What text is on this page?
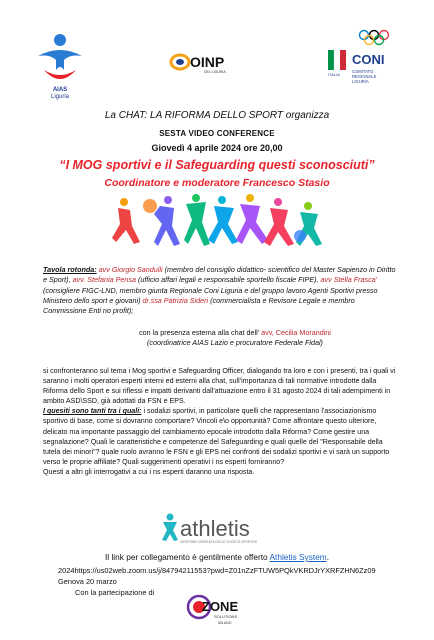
AIAS
Liguria
OINP
DEL LIGURIA	ITALIA
CONI
COMITATO
REGIONALE
LIGURIA
La CHAT: LA RIFORMA DELLO SPORT organizza
SESTA VIDEO CONFERENCE
Giovedì 4 aprile 2024 ore 20,00
“I MOG sportivi e il Safeguarding questi sconosciuti”
Coordinatore e moderatore Francesco Stasio
Tavola rotonda: avv Giorgio Sandulli (membro del consiglio didattico- scientifico del Master Sapienzo in Diritto e Sport), avv. Stefania Pensa (ufficio affari legali e responsabile sportello fiscale FIPE), avv Stella Frasca' (consigliere FIGC-LND, membro giunta Regionale Coni Liguria e del gruppo lavoro Agenti Sportivi presso Ministero dello sport e giovani) dr.ssa Patrizia Sideri (commercialista e Revisore Legale e membro Commissione Enti no profit);
con la presenza esterna alla chat dell' avv, Cecilia Morandini
(coordinatrice AIAS Lazio e procuratore Federale Fidal)

si confronteranno sul tema i Mog sportivi e Safeguarding Officer, dialogando tra loro e con i presenti, tra i quali vi saranno i molti operatori esperti interni ed esterni alla chat, sull'importanza di tali normative introdotte dalla Riforma dello Sport e sui riflessi e impatti derivanti dall'attuazione entro il 31 agosto 2024 di tali adempimenti in ambito ASD\SSD, già adottati da FSN e EPS.

I quesiti sono tanti tra i quali: i sodalizi sportivi, in particolare quelli che rappresentano l'associazionismo sportivo di base, come si dovranno comportare? Vincoli e\o opportunità? Come affrontare questo ulteriore, delicato ma importante passaggio del cambiamento epocale introdotto dalla Riforma? Come gestire una segnalazione? Quali le caratteristiche e competenze del Safeguarding e quali quelle del "Responsabile della tutela dei minori"? quale ruolo avranno le FSN e gli EPS nei confronti dei sodalizi sportivi e vi sarà un supporto verso le proprie affiliate? Quali suggerimenti operativi i ns esperti forniranno?

Questi a altri gli interrogativi a cui i ns esperti daranno una risposta.

athletis
GESTIONE COMPLETA DELLE SOCIETÀ SPORTIVE
Il link per collegamento è gentilmente offerto Athletis System.
2024https://us02web.zoom.us/j/84794211553?pwd=Z01nZzFTUW5PQkVKRDJrYXRFZHN6Zz09
Genova 20 marzo
Con la partecipazione di
ZONE
SOLUTIONS
MILANO
